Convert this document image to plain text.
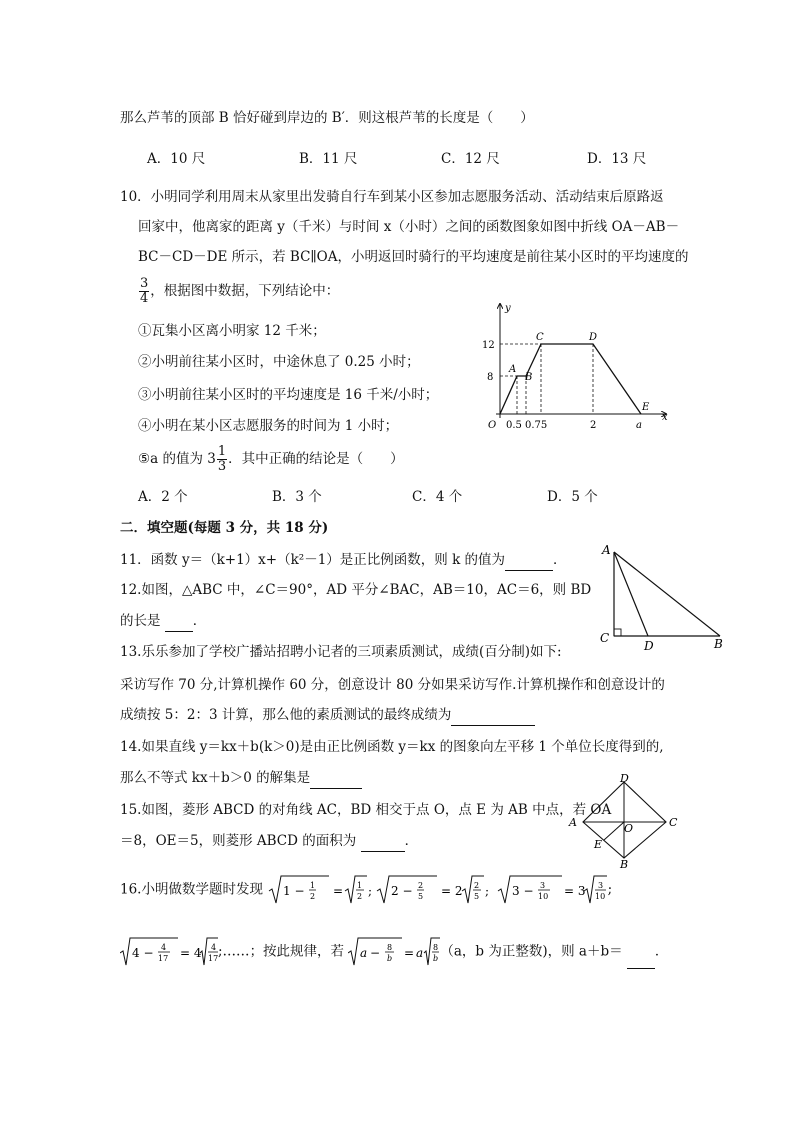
那么芦苇的顶部 B 恰好碰到岸边的 B′．则这根芦苇的长度是（　　）
A．10 尺	B．11 尺	C．12 尺	D．13 尺
10．小明同学利用周末从家里出发骑自行车到某小区参加志愿服务活动、活动结束后原路返
回家中，他离家的距离 y（千米）与时间 x（小时）之间的函数图象如图中折线 OA－AB－
BC－CD－DE 所示，若 BC∥OA，小明返回时骑行的平均速度是前往某小区时的平均速度的
$\frac{3}{4}$ ，根据图中数据，下列结论中：
①瓦集小区离小明家 12 千米；
②小明前往某小区时，中途休息了 0.25 小时；
③小明前往某小区时的平均速度是 16 千米/小时；
④小明在某小区志愿服务的时间为 1 小时；
⑤a 的值为 $3 \frac{1}{3}$ ．其中正确的结论是（　　）
A．2 个	B．3 个	C．4 个	D．5 个
y
x
O
12
8
0.5 0.75	2	a
A
B
C	D
E
二．填空题(每题 3 分，共 18 分)
11．函数 y＝（k+1）x+（k²－1）是正比例函数，则 k 的值为	．
12.如图，△ABC 中，∠C＝90°，AD 平分∠BAC，AB＝10，AC＝6，则 BD
的长是 ．
A
C
D	B
13.乐乐参加了学校广播站招聘小记者的三项素质测试，成绩(百分制)如下:
采访写作 70 分,计算机操作 60 分，创意设计 80 分如果采访写作.计算机操作和创意设计的
成绩按 5：2：3 计算，那么他的素质测试的最终成绩为
14.如果直线 y＝kx＋b(k＞0)是由正比例函数 y＝kx 的图象向左平移 1 个单位长度得到的,
那么不等式 kx＋b＞0 的解集是
15.如图，菱形 ABCD 的对角线 AC，BD 相交于点 O，点 E 为 AB 中点，若 OA
＝8，OE＝5，则菱形 ABCD 的面积为	．
D
A	O	C
E
B
16.小明做数学题时发现 1 − 1
2 = 1
2 ; 2 − 2
5 = 2 2
5 ;
3 − 3
10 = 3 3
10 ;
4 − 4
17 = 4 4
17 ;……；按此规律，若 a − 8
b = a 8
b （a，b 为正整数)，则 a＋b＝ ．
